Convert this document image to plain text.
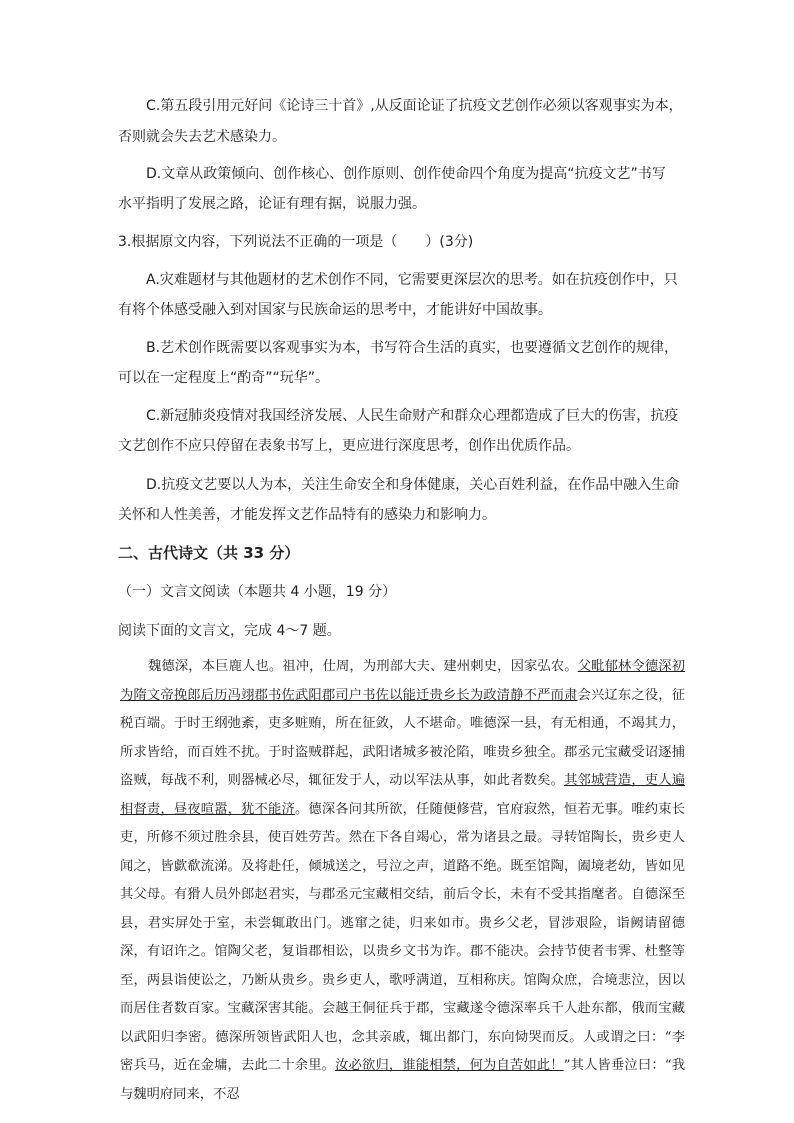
C.第五段引用元好问《论诗三十首》,从反面论证了抗疫文艺创作必须以客观事实为本，
否则就会失去艺术感染力。
D.文章从政策倾向、创作核心、创作原则、创作使命四个角度为提高“抗疫文艺”书写
水平指明了发展之路，论证有理有据，说服力强。
3.根据原文内容，下列说法不正确的一项是（　　）(3分)
A.灾难题材与其他题材的艺术创作不同，它需要更深层次的思考。如在抗疫创作中，只
有将个体感受融入到对国家与民族命运的思考中，才能讲好中国故事。
B.艺术创作既需要以客观事实为本，书写符合生活的真实，也要遵循文艺创作的规律，
可以在一定程度上“酌奇”“玩华”。
C.新冠肺炎疫情对我国经济发展、人民生命财产和群众心理都造成了巨大的伤害，抗疫
文艺创作不应只停留在表象书写上，更应进行深度思考，创作出优质作品。
D.抗疫文艺要以人为本，关注生命安全和身体健康，关心百姓利益，在作品中融入生命
关怀和人性美善，才能发挥文艺作品特有的感染力和影响力。
二、古代诗文（共 33 分）
（一）文言文阅读（本题共 4 小题，19 分）
阅读下面的文言文，完成 4～7 题。
魏德深，本巨鹿人也。祖冲，仕周，为刑部大夫、建州刺史，因家弘农。父毗郁林令德深初为隋文帝挽郎后历冯翊郡书佐武阳郡司户书佐以能迁贵乡长为政清静不严而肃会兴辽东之役，征税百端。于时王纲弛紊，吏多赃贿，所在征敛，人不堪命。唯德深一县，有无相通，不竭其力，所求皆给，而百姓不扰。于时盗贼群起，武阳诸城多被沦陷，唯贵乡独全。郡丞元宝藏受诏逐捕盗贼，每战不利，则器械必尽，辄征发于人，动以军法从事，如此者数矣。其邻城营造，吏人遍相督责，昼夜喧嚣，犹不能济。德深各问其所欲，任随便修营，官府寂然，恒若无事。唯约束长吏，所修不须过胜余县，使百姓劳苦。然在下各自竭心，常为诸县之最。寻转馆陶长，贵乡吏人闻之，皆歔欷流涕。及将赴任，倾城送之，号泣之声，道路不绝。既至馆陶，阖境老幼，皆如见其父母。有猾人员外郎赵君实，与郡丞元宝藏相交结，前后令长，未有不受其指麾者。自德深至县，君实屏处于室，未尝辄敢出门。逃窜之徒，归来如市。贵乡父老，冒涉艰险，诣阙请留德深，有诏许之。馆陶父老，复诣郡相讼，以贵乡文书为诈。郡不能决。会持节使者韦霁、杜整等至，两县诣使讼之，乃断从贵乡。贵乡吏人，歌呼满道，互相称庆。馆陶众庶，合境悲泣，因以而居住者数百家。宝藏深害其能。会越王侗征兵于郡，宝藏遂令德深率兵千人赴东都，俄而宝藏以武阳归李密。德深所领皆武阳人也，念其亲戚，辄出都门，东向恸哭而反。人或谓之曰：“李密兵马，近在金墉，去此二十余里。汝必欲归，谁能相禁，何为自苦如此！”其人皆垂泣曰：“我与魏明府同来，不忍
